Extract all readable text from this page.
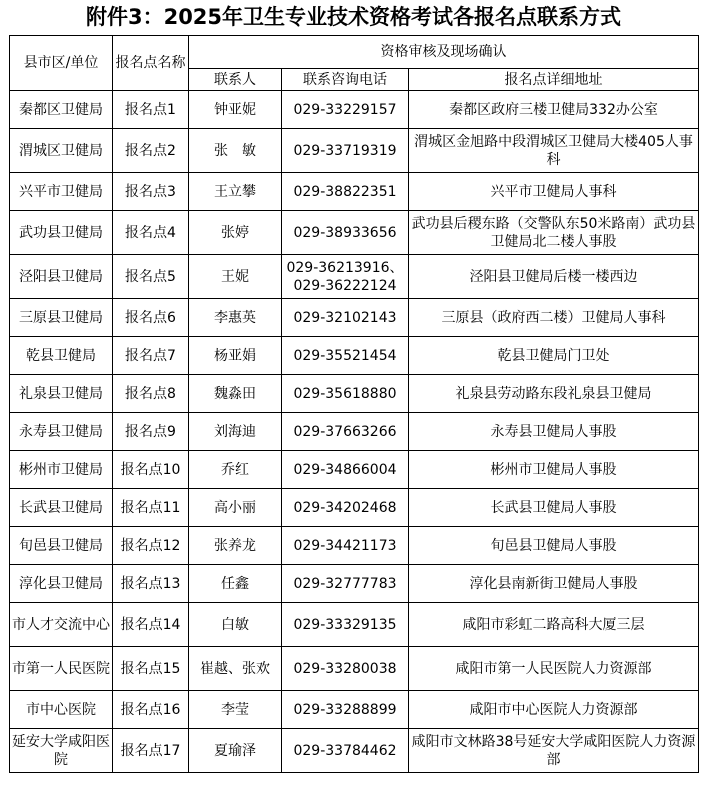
附件3：2025年卫生专业技术资格考试各报名点联系方式
县市区/单位	报名点名称	资格审核及现场确认		
		联系人	联系咨询电话	报名点详细地址
秦都区卫健局	报名点1	钟亚妮	029-33229157	秦都区政府三楼卫健局332办公室
渭城区卫健局	报名点2	张　敏	029-33719319	渭城区金旭路中段渭城区卫健局大楼405人事科
兴平市卫健局	报名点3	王立攀	029-38822351	兴平市卫健局人事科
武功县卫健局	报名点4	张婷	029-38933656	武功县后稷东路（交警队东50米路南）武功县卫健局北二楼人事股
泾阳县卫健局	报名点5	王妮	029-36213916、029-36222124	泾阳县卫健局后楼一楼西边
三原县卫健局	报名点6	李惠英	029-32102143	三原县（政府西二楼）卫健局人事科
乾县卫健局	报名点7	杨亚娟	029-35521454	乾县卫健局门卫处
礼泉县卫健局	报名点8	魏淼田	029-35618880	礼泉县劳动路东段礼泉县卫健局
永寿县卫健局	报名点9	刘海迪	029-37663266	永寿县卫健局人事股
彬州市卫健局	报名点10	乔红	029-34866004	彬州市卫健局人事股
长武县卫健局	报名点11	高小丽	029-34202468	长武县卫健局人事股
旬邑县卫健局	报名点12	张养龙	029-34421173	旬邑县卫健局人事股
淳化县卫健局	报名点13	任鑫	029-32777783	淳化县南新街卫健局人事股
市人才交流中心	报名点14	白敏	029-33329135	咸阳市彩虹二路高科大厦三层
市第一人民医院	报名点15	崔越、张欢	029-33280038	咸阳市第一人民医院人力资源部
市中心医院	报名点16	李莹	029-33288899	咸阳市中心医院人力资源部
延安大学咸阳医院	报名点17	夏瑜泽	029-33784462	咸阳市文林路38号延安大学咸阳医院人力资源部
